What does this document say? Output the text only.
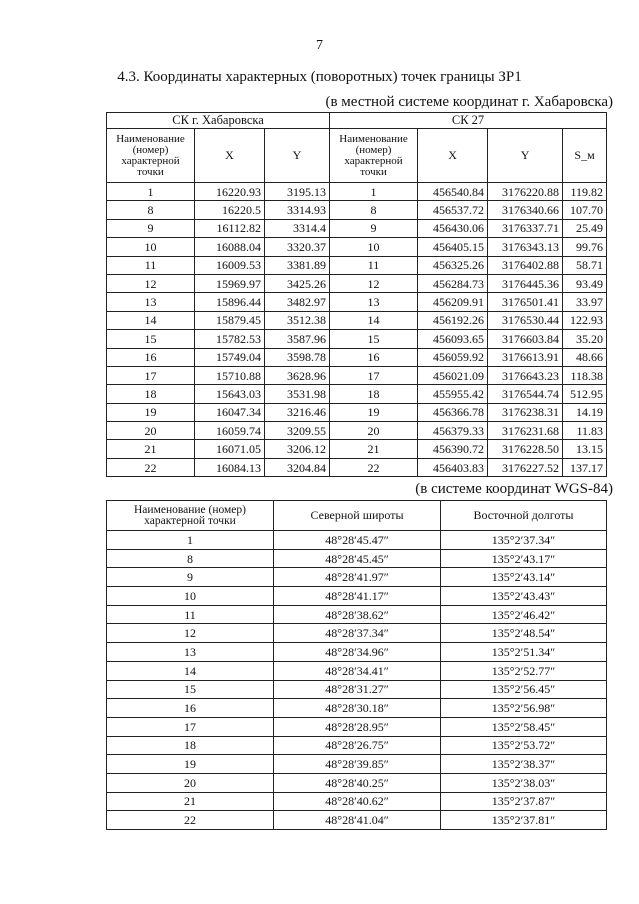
7
4.3. Координаты характерных (поворотных) точек границы ЗР1
(в местной системе координат г. Хабаровска)
СК г. Хабаровска			СК 27			
Наименование (номер) характерной точки	X	Y	Наименование (номер) характерной точки	X	Y	S_м
1	16220.93	3195.13	1	456540.84	3176220.88	119.82
8	16220.5	3314.93	8	456537.72	3176340.66	107.70
9	16112.82	3314.4	9	456430.06	3176337.71	25.49
10	16088.04	3320.37	10	456405.15	3176343.13	99.76
11	16009.53	3381.89	11	456325.26	3176402.88	58.71
12	15969.97	3425.26	12	456284.73	3176445.36	93.49
13	15896.44	3482.97	13	456209.91	3176501.41	33.97
14	15879.45	3512.38	14	456192.26	3176530.44	122.93
15	15782.53	3587.96	15	456093.65	3176603.84	35.20
16	15749.04	3598.78	16	456059.92	3176613.91	48.66
17	15710.88	3628.96	17	456021.09	3176643.23	118.38
18	15643.03	3531.98	18	455955.42	3176544.74	512.95
19	16047.34	3216.46	19	456366.78	3176238.31	14.19
20	16059.74	3209.55	20	456379.33	3176231.68	11.83
21	16071.05	3206.12	21	456390.72	3176228.50	13.15
22	16084.13	3204.84	22	456403.83	3176227.52	137.17
(в системе координат WGS-84)
Наименование (номер) характерной точки	Северной широты	Восточной долготы
1	48°28′45.47″	135°2′37.34″
8	48°28′45.45″	135°2′43.17″
9	48°28′41.97″	135°2′43.14″
10	48°28′41.17″	135°2′43.43″
11	48°28′38.62″	135°2′46.42″
12	48°28′37.34″	135°2′48.54″
13	48°28′34.96″	135°2′51.34″
14	48°28′34.41″	135°2′52.77″
15	48°28′31.27″	135°2′56.45″
16	48°28′30.18″	135°2′56.98″
17	48°28′28.95″	135°2′58.45″
18	48°28′26.75″	135°2′53.72″
19	48°28′39.85″	135°2′38.37″
20	48°28′40.25″	135°2′38.03″
21	48°28′40.62″	135°2′37.87″
22	48°28′41.04″	135°2′37.81″
